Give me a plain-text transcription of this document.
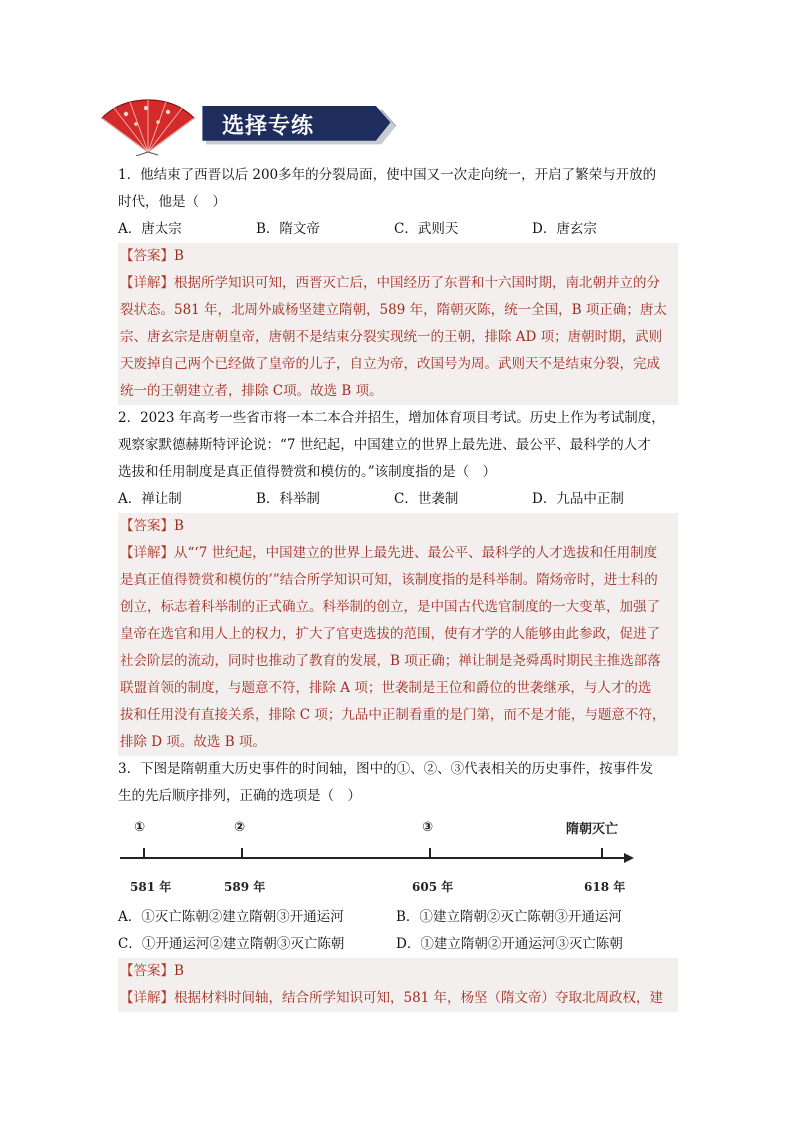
选择专练
1．他结束了西晋以后 200多年的分裂局面，使中国又一次走向统一，开启了繁荣与开放的
时代，他是（　）
A．唐太宗	B．隋文帝	C．武则天	D．唐玄宗
【答案】B
【详解】根据所学知识可知，西晋灭亡后，中国经历了东晋和十六国时期，南北朝并立的分
裂状态。581 年，北周外戚杨坚建立隋朝，589 年，隋朝灭陈，统一全国，B 项正确；唐太
宗、唐玄宗是唐朝皇帝，唐朝不是结束分裂实现统一的王朝，排除 AD 项；唐朝时期，武则
天废掉自己两个已经做了皇帝的儿子，自立为帝，改国号为周。武则天不是结束分裂，完成
统一的王朝建立者，排除 C项。故选 B 项。
2．2023 年高考一些省市将一本二本合并招生，增加体育项目考试。历史上作为考试制度，
观察家默德赫斯特评论说：“7 世纪起，中国建立的世界上最先进、最公平、最科学的人才
选拔和任用制度是真正值得赞赏和模仿的。”该制度指的是（　）
A．禅让制	B．科举制	C．世袭制	D．九品中正制
【答案】B
【详解】从“‘7 世纪起，中国建立的世界上最先进、最公平、最科学的人才选拔和任用制度
是真正值得赞赏和模仿的’”结合所学知识可知，该制度指的是科举制。隋炀帝时，进士科的
创立，标志着科举制的正式确立。科举制的创立，是中国古代选官制度的一大变革，加强了
皇帝在选官和用人上的权力，扩大了官吏选拔的范围，使有才学的人能够由此参政，促进了
社会阶层的流动，同时也推动了教育的发展，B 项正确；禅让制是尧舜禹时期民主推选部落
联盟首领的制度，与题意不符，排除 A 项；世袭制是王位和爵位的世袭继承，与人才的选
拔和任用没有直接关系，排除 C 项；九品中正制看重的是门第，而不是才能，与题意不符，
排除 D 项。故选 B 项。
3．下图是隋朝重大历史事件的时间轴，图中的①、②、③代表相关的历史事件，按事件发
生的先后顺序排列，正确的选项是（　）
①	②	③	隋朝灭亡
581 年	589 年	605 年	618 年
A．①灭亡陈朝②建立隋朝③开通运河	B．①建立隋朝②灭亡陈朝③开通运河
C．①开通运河②建立隋朝③灭亡陈朝	D．①建立隋朝②开通运河③灭亡陈朝
【答案】B
【详解】根据材料时间轴，结合所学知识可知，581 年，杨坚（隋文帝）夺取北周政权，建
